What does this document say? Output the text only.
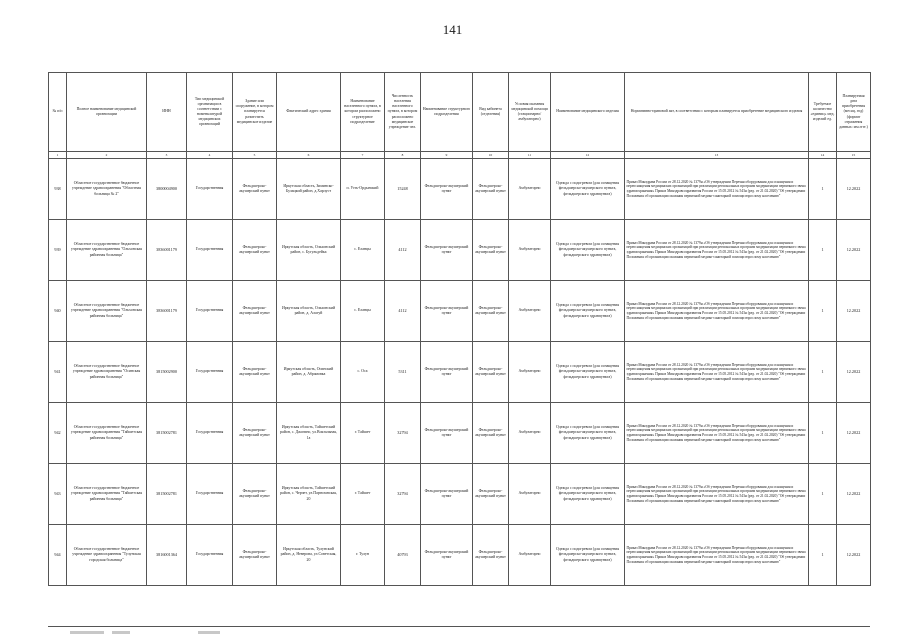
141
№ п/п	Полное наименование медицинской организации	ИНН	Тип медицинской организации в соответствии с номенклатурой медицинских организаций	Здание или сооружение, в котором планируется разместить медицинское изделие	Фактический адрес здания	Наименование населенного пункта, в котором расположено структурное подразделение	Численность населения населенного пункта, в котором расположено медицинское учреждение чел.	Наименование структурного подразделения	Вид кабинета (отделения)	Условия оказания медицинской помощи (стационарно/амбулаторно)	Наименование медицинского изделия	Нормативно-правовой акт, в соответствии с которым планируется приобретение медицинского изделия	Требуемое количество «единиц» мед. изделий ед.	Планируемая дата приобретения (месяц, год) (формат отражения данных: мм.гггг.)
1	2	3	4	5	6	7	8	9	10	11	12	13	14	15
938	Областное государственное бюджетное учреждение здравоохранения "Областная больница № 2"	3800004900	Государственная	Фельдшерско-акушерский пункт	Иркутская область, Зиминско-Булацкий район, д.Харлуст	п. Усть-Ордынский	15248	Фельдшерско-акушерский пункт	Фельдшерско-акушерский пункт	Амбулаторно	Одежда с подогревом (для оснащения фельдшерско-акушерского пункта, фельдшерского здравпункта)	Приказ Минздрава России от 28.12.2020 № 1379н «Об утверждении Перечня оборудования для оснащения и переоснащения медицинских организаций при реализации региональных программ модернизации первичного звена здравоохранения» Приказ Минздравсоцразвития России от 15.05.2012 № 543н (ред. от 21.02.2020) "Об утверждении Положения об организации оказания первичной медико-санитарной помощи взрослому населению"	1	12.2022
939	Областное государственное бюджетное учреждение здравоохранения "Ольхонская районная больница"	3836001179	Государственная	Фельдшерско-акушерский пункт	Иркутская область, Ольхонский район, с. Бугульдейка	с. Еланцы	4112	Фельдшерско-акушерский пункт	Фельдшерско-акушерский пункт	Амбулаторно	Одежда с подогревом (для оснащения фельдшерско-акушерского пункта, фельдшерского здравпункта)	Приказ Минздрава России от 28.12.2020 № 1379н «Об утверждении Перечня оборудования для оснащения и переоснащения медицинских организаций при реализации региональных программ модернизации первичного звена здравоохранения» Приказ Минздравсоцразвития России от 15.05.2012 № 543н (ред. от 21.02.2020) "Об утверждении Положения об организации оказания первичной медико-санитарной помощи взрослому населению"	1	12.2022
940	Областное государственное бюджетное учреждение здравоохранения "Ольхонская районная больница"	3836001179	Государственная	Фельдшерско-акушерский пункт	Иркутская область, Ольхонский район, д. Алагуй	с. Еланцы	4112	Фельдшерско-акушерский пункт	Фельдшерско-акушерский пункт	Амбулаторно	Одежда с подогревом (для оснащения фельдшерско-акушерского пункта, фельдшерского здравпункта)	Приказ Минздрава России от 28.12.2020 № 1379н «Об утверждении Перечня оборудования для оснащения и переоснащения медицинских организаций при реализации региональных программ модернизации первичного звена здравоохранения» Приказ Минздравсоцразвития России от 15.05.2012 № 543н (ред. от 21.02.2020) "Об утверждении Положения об организации оказания первичной медико-санитарной помощи взрослому населению"	1	12.2022
941	Областное государственное бюджетное учреждение здравоохранения "Осинская районная больница"	3815002900	Государственная	Фельдшерско-акушерский пункт	Иркутская область, Осинский район, д. Абрамовка	с. Оса	5311	Фельдшерско-акушерский пункт	Фельдшерско-акушерский пункт	Амбулаторно	Одежда с подогревом (для оснащения фельдшерско-акушерского пункта, фельдшерского здравпункта)	Приказ Минздрава России от 28.12.2020 № 1379н «Об утверждении Перечня оборудования для оснащения и переоснащения медицинских организаций при реализации региональных программ модернизации первичного звена здравоохранения» Приказ Минздравсоцразвития России от 15.05.2012 № 543н (ред. от 21.02.2020) "Об утверждении Положения об организации оказания первичной медико-санитарной помощи взрослому населению"	1	12.2022
942	Областное государственное бюджетное учреждение здравоохранения "Тайшетская районная больница"	3815002781	Государственная	Фельдшерско-акушерский пункт	Иркутская область, Тайшетский район, с. Джогино, ул.Вокзальная, 1а	г. Тайшет	32794	Фельдшерско-акушерский пункт	Фельдшерско-акушерский пункт	Амбулаторно	Одежда с подогревом (для оснащения фельдшерско-акушерского пункта, фельдшерского здравпункта)	Приказ Минздрава России от 28.12.2020 № 1379н «Об утверждении Перечня оборудования для оснащения и переоснащения медицинских организаций при реализации региональных программ модернизации первичного звена здравоохранения» Приказ Минздравсоцразвития России от 15.05.2012 № 543н (ред. от 21.02.2020) "Об утверждении Положения об организации оказания первичной медико-санитарной помощи взрослому населению"	1	12.2022
943	Областное государственное бюджетное учреждение здравоохранения "Тайшетская районная больница"	3815002781	Государственная	Фельдшерско-акушерский пункт	Иркутская область, Тайшетский район, с. Черчет, ул.Партизанская, 20	г. Тайшет	32794	Фельдшерско-акушерский пункт	Фельдшерско-акушерский пункт	Амбулаторно	Одежда с подогревом (для оснащения фельдшерско-акушерского пункта, фельдшерского здравпункта)	Приказ Минздрава России от 28.12.2020 № 1379н «Об утверждении Перечня оборудования для оснащения и переоснащения медицинских организаций при реализации региональных программ модернизации первичного звена здравоохранения» Приказ Минздравсоцразвития России от 15.05.2012 № 543н (ред. от 21.02.2020) "Об утверждении Положения об организации оказания первичной медико-санитарной помощи взрослому населению"	1	12.2022
944	Областное государственное бюджетное учреждение здравоохранения "Тулунская городская больница"	3816001364	Государственная	Фельдшерско-акушерский пункт	Иркутская область, Тулунский район, д. Неверова, ул.Советская, 20	г. Тулун	40793	Фельдшерско-акушерский пункт	Фельдшерско-акушерский пункт	Амбулаторно	Одежда с подогревом (для оснащения фельдшерско-акушерского пункта, фельдшерского здравпункта)	Приказ Минздрава России от 28.12.2020 № 1379н «Об утверждении Перечня оборудования для оснащения и переоснащения медицинских организаций при реализации региональных программ модернизации первичного звена здравоохранения» Приказ Минздравсоцразвития России от 15.05.2012 № 543н (ред. от 21.02.2020) "Об утверждении Положения об организации оказания первичной медико-санитарной помощи взрослому населению"	1	12.2022
